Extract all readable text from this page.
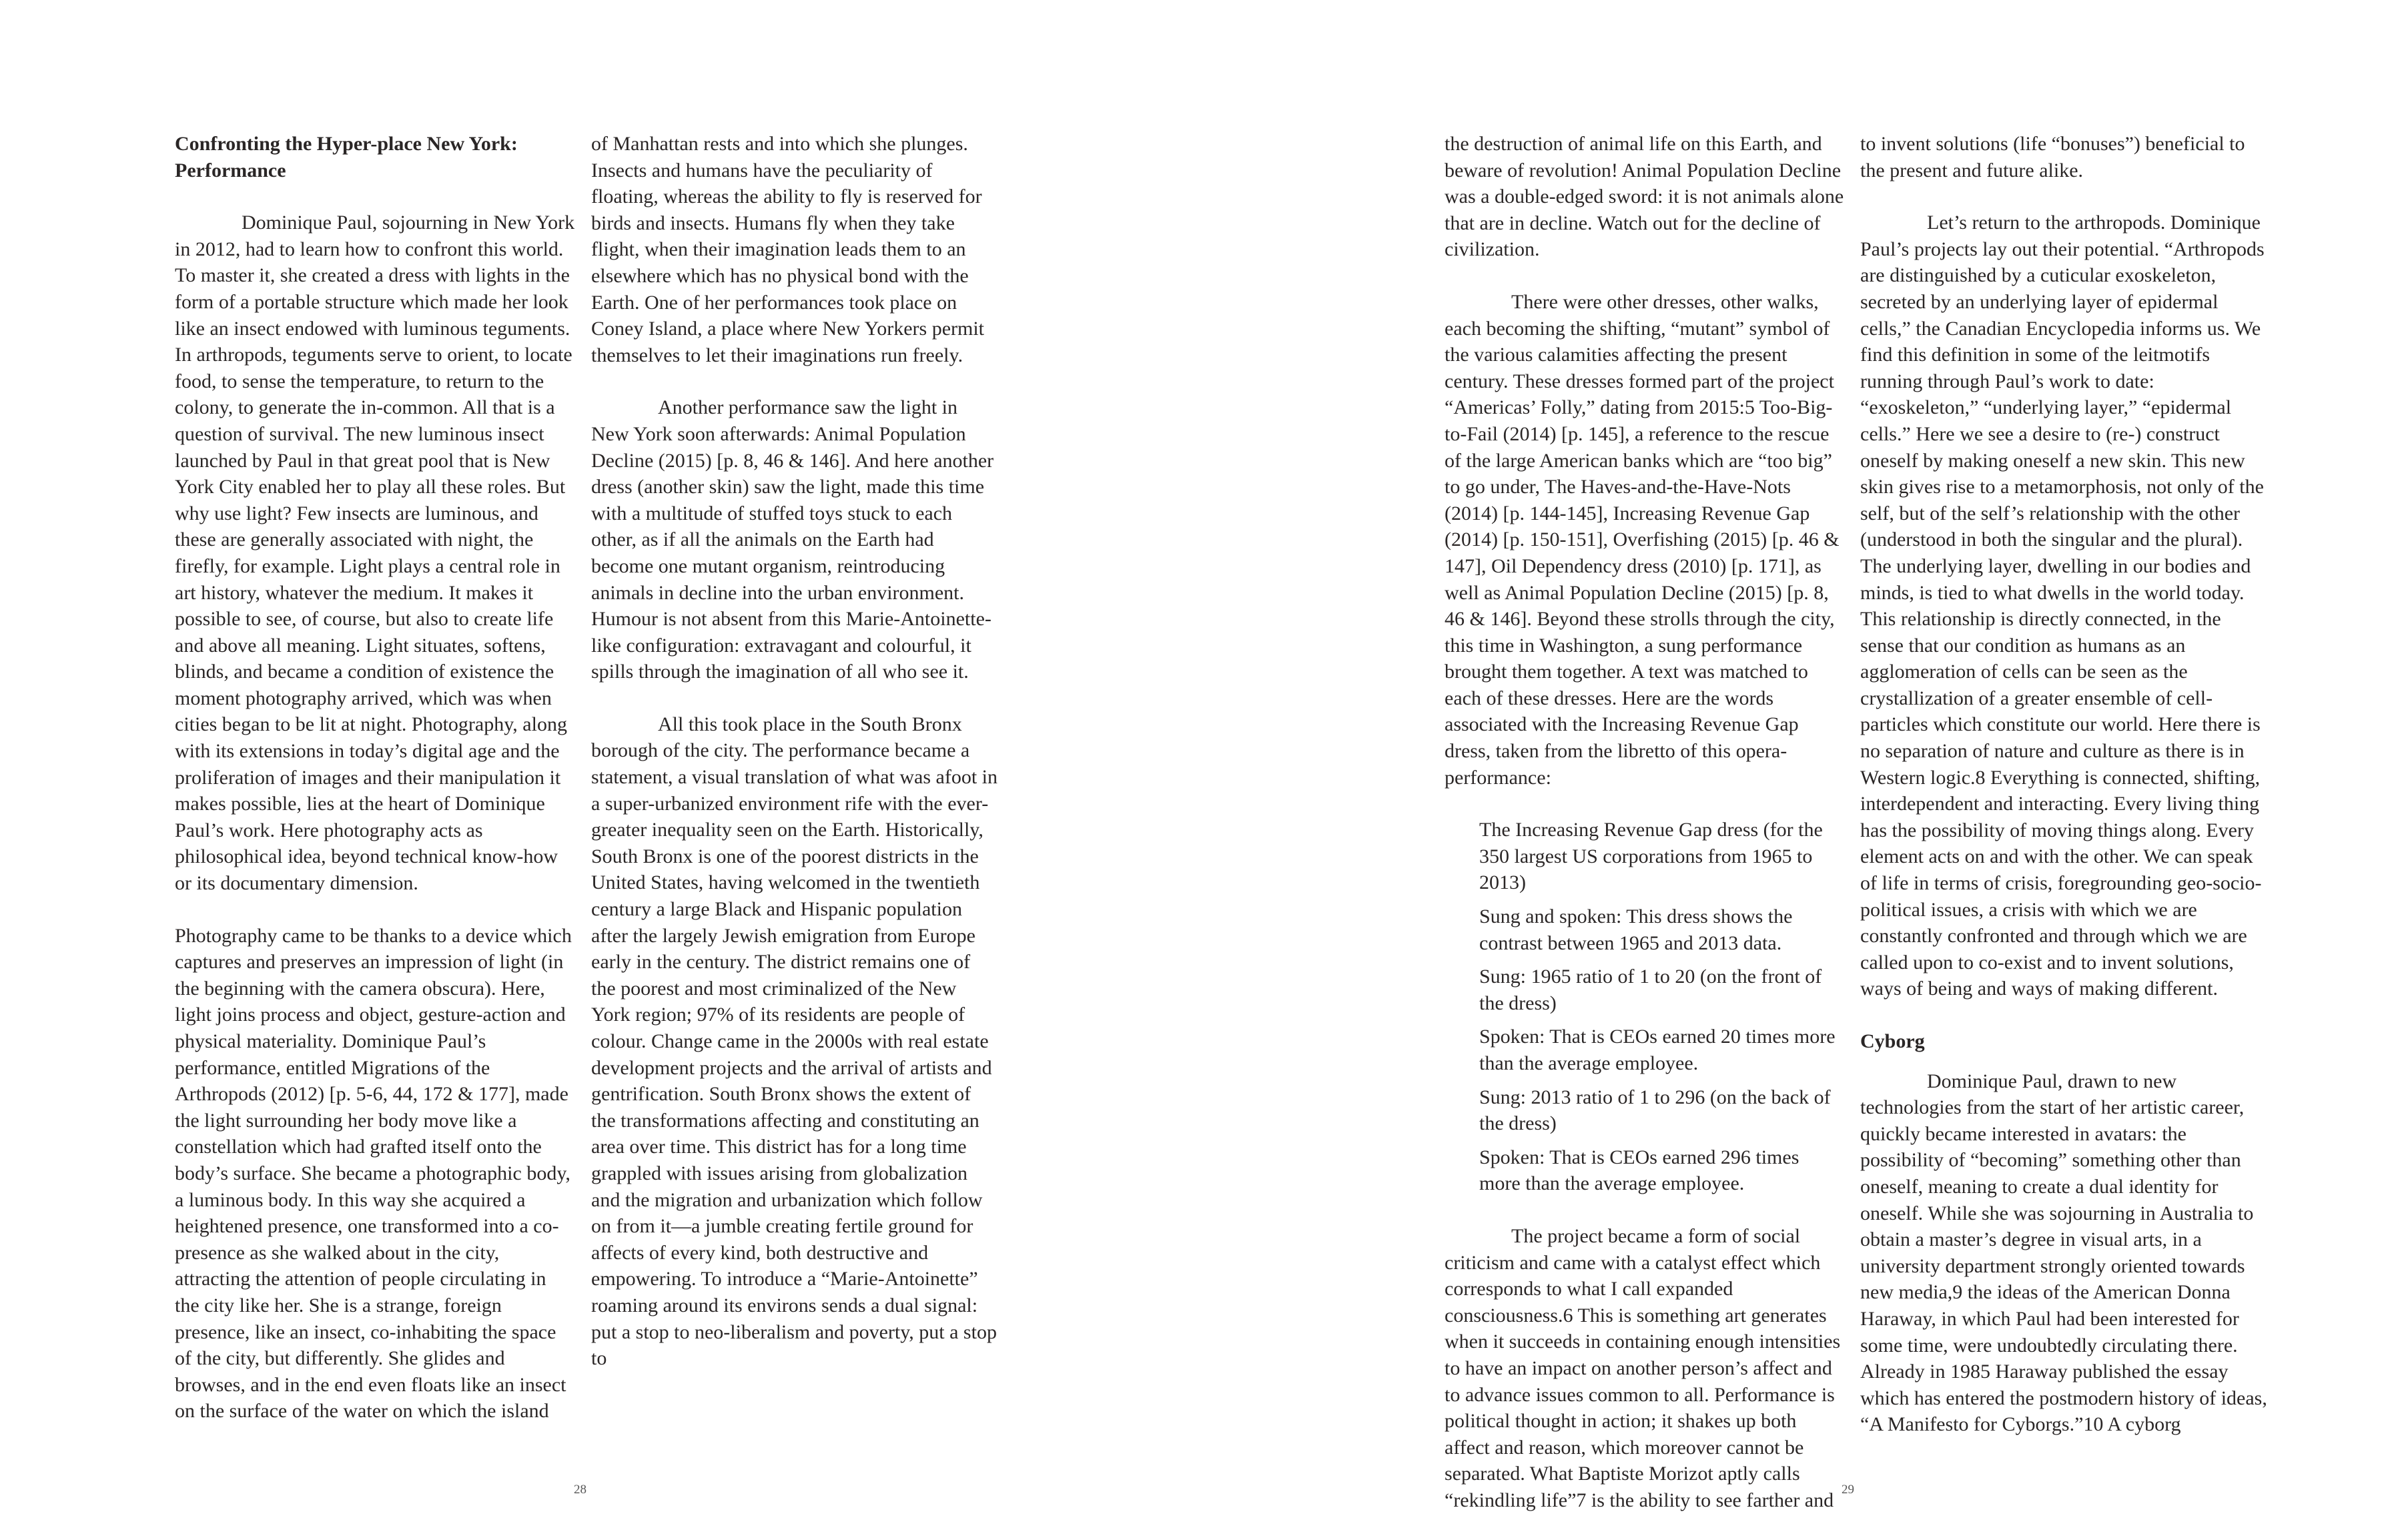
Confronting the Hyper-place New York: Performance

Dominique Paul, sojourning in New York in 2012, had to learn how to confront this world. To master it, she created a dress with lights in the form of a portable structure which made her look like an insect endowed with luminous teguments. In arthropods, teguments serve to orient, to locate food, to sense the temperature, to return to the colony, to generate the in-common. All that is a question of survival. The new luminous insect launched by Paul in that great pool that is New York City enabled her to play all these roles. But why use light? Few insects are luminous, and these are generally associated with night, the firefly, for example. Light plays a central role in art history, whatever the medium. It makes it possible to see, of course, but also to create life and above all meaning. Light situates, softens, blinds, and became a condition of existence the moment photography arrived, which was when cities began to be lit at night. Photography, along with its extensions in today’s digital age and the proliferation of images and their manipulation it makes possible, lies at the heart of Dominique Paul’s work. Here photography acts as philosophical idea, beyond technical know-how or its documentary dimension.

Photography came to be thanks to a device which captures and preserves an impression of light (in the beginning with the camera obscura). Here, light joins process and object, gesture-action and physical materiality. Dominique Paul’s performance, entitled Migrations of the Arthropods (2012) [p. 5-6, 44, 172 & 177], made the light surrounding her body move like a constellation which had grafted itself onto the body’s surface. She became a photographic body, a luminous body. In this way she acquired a heightened presence, one transformed into a co-presence as she walked about in the city, attracting the attention of people circulating in the city like her. She is a strange, foreign presence, like an insect, co-inhabiting the space of the city, but differently. She glides and browses, and in the end even floats like an insect on the surface of the water on which the island

of Manhattan rests and into which she plunges. Insects and humans have the peculiarity of floating, whereas the ability to fly is reserved for birds and insects. Humans fly when they take flight, when their imagination leads them to an elsewhere which has no physical bond with the Earth. One of her performances took place on Coney Island, a place where New Yorkers permit themselves to let their imaginations run freely.

Another performance saw the light in New York soon afterwards: Animal Population Decline (2015) [p. 8, 46 & 146]. And here another dress (another skin) saw the light, made this time with a multitude of stuffed toys stuck to each other, as if all the animals on the Earth had become one mutant organism, reintroducing animals in decline into the urban environment. Humour is not absent from this Marie-Antoinette-like configuration: extravagant and colourful, it spills through the imagination of all who see it.

All this took place in the South Bronx borough of the city. The performance became a statement, a visual translation of what was afoot in a super-urbanized environment rife with the ever-greater inequality seen on the Earth. Historically, South Bronx is one of the poorest districts in the United States, having welcomed in the twentieth century a large Black and Hispanic population after the largely Jewish emigration from Europe early in the century. The district remains one of the poorest and most criminalized of the New York region; 97% of its residents are people of colour. Change came in the 2000s with real estate development projects and the arrival of artists and gentrification. South Bronx shows the extent of the transformations affecting and constituting an area over time. This district has for a long time grappled with issues arising from globalization and the migration and urbanization which follow on from it—a jumble creating fertile ground for affects of every kind, both destructive and empowering. To introduce a “Marie-Antoinette” roaming around its environs sends a dual signal: put a stop to neo-liberalism and poverty, put a stop to

28

the destruction of animal life on this Earth, and beware of revolution! Animal Population Decline was a double-edged sword: it is not animals alone that are in decline. Watch out for the decline of civilization.

There were other dresses, other walks, each becoming the shifting, “mutant” symbol of the various calamities affecting the present century. These dresses formed part of the project “Americas’ Folly,” dating from 2015:5 Too-Big-to-Fail (2014) [p. 145], a reference to the rescue of the large American banks which are “too big” to go under, The Haves-and-the-Have-Nots (2014) [p. 144-145], Increasing Revenue Gap (2014) [p. 150-151], Overfishing (2015) [p. 46 & 147], Oil Dependency dress (2010) [p. 171], as well as Animal Population Decline (2015) [p. 8, 46 & 146]. Beyond these strolls through the city, this time in Washington, a sung performance brought them together. A text was matched to each of these dresses. Here are the words associated with the Increasing Revenue Gap dress, taken from the libretto of this opera-performance:

The Increasing Revenue Gap dress (for the 350 largest US corporations from 1965 to 2013)
Sung and spoken: This dress shows the contrast between 1965 and 2013 data.
Sung: 1965 ratio of 1 to 20 (on the front of the dress)
Spoken: That is CEOs earned 20 times more than the average employee.
Sung: 2013 ratio of 1 to 296 (on the back of the dress)
Spoken: That is CEOs earned 296 times more than the average employee.

The project became a form of social criticism and came with a catalyst effect which corresponds to what I call expanded consciousness.6 This is something art generates when it succeeds in containing enough intensities to have an impact on another person’s affect and to advance issues common to all. Performance is political thought in action; it shakes up both affect and reason, which moreover cannot be separated. What Baptiste Morizot aptly calls “rekindling life”7 is the ability to see farther and

to invent solutions (life “bonuses”) beneficial to the present and future alike.

Let’s return to the arthropods. Dominique Paul’s projects lay out their potential. “Arthropods are distinguished by a cuticular exoskeleton, secreted by an underlying layer of epidermal cells,” the Canadian Encyclopedia informs us. We find this definition in some of the leitmotifs running through Paul’s work to date: “exoskeleton,” “underlying layer,” “epidermal cells.” Here we see a desire to (re-) construct oneself by making oneself a new skin. This new skin gives rise to a metamorphosis, not only of the self, but of the self’s relationship with the other (understood in both the singular and the plural). The underlying layer, dwelling in our bodies and minds, is tied to what dwells in the world today. This relationship is directly connected, in the sense that our condition as humans as an agglomeration of cells can be seen as the crystallization of a greater ensemble of cell-particles which constitute our world. Here there is no separation of nature and culture as there is in Western logic.8 Everything is connected, shifting, interdependent and interacting. Every living thing has the possibility of moving things along. Every element acts on and with the other. We can speak of life in terms of crisis, foregrounding geo-socio-political issues, a crisis with which we are constantly confronted and through which we are called upon to co-exist and to invent solutions, ways of being and ways of making different.

Cyborg

Dominique Paul, drawn to new technologies from the start of her artistic career, quickly became interested in avatars: the possibility of “becoming” something other than oneself, meaning to create a dual identity for oneself. While she was sojourning in Australia to obtain a master’s degree in visual arts, in a university department strongly oriented towards new media,9 the ideas of the American Donna Haraway, in which Paul had been interested for some time, were undoubtedly circulating there. Already in 1985 Haraway published the essay which has entered the postmodern history of ideas, “A Manifesto for Cyborgs.”10 A cyborg

29
